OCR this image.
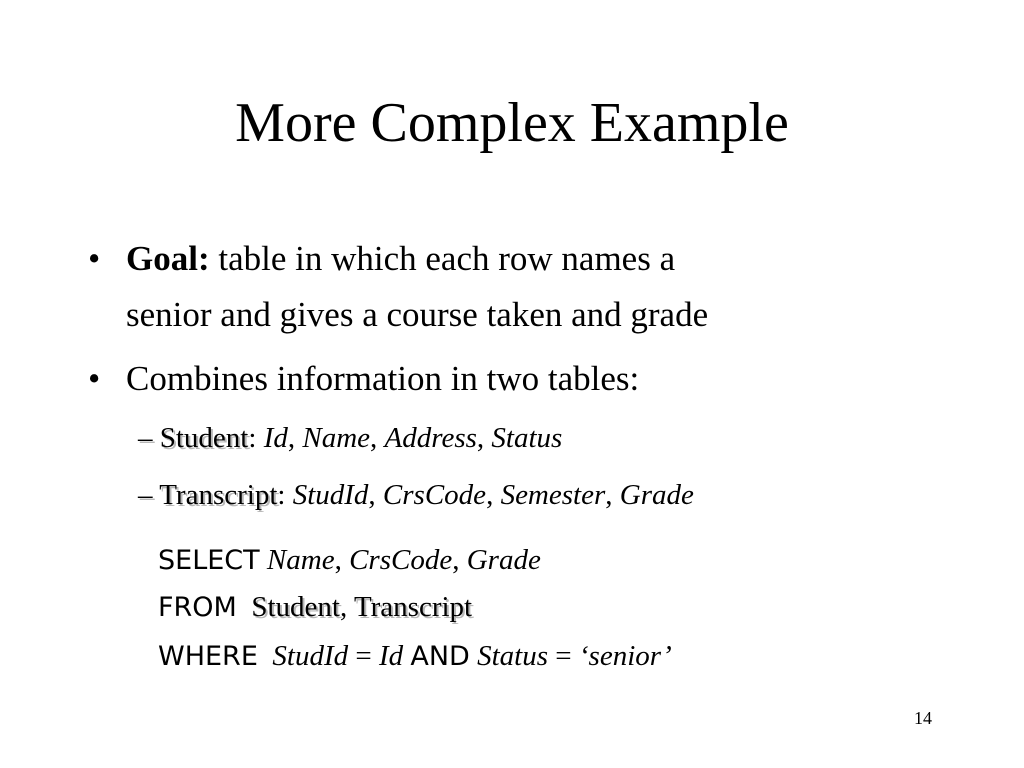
More Complex Example
• Goal: table in which each row names a
senior and gives a course taken and grade
• Combines information in two tables:
– Student: Id, Name, Address, Status
– Transcript: StudId, CrsCode, Semester, Grade
SELECT Name, CrsCode, Grade
FROM Student, Transcript
WHERE StudId = Id AND Status = ‘senior’
14
